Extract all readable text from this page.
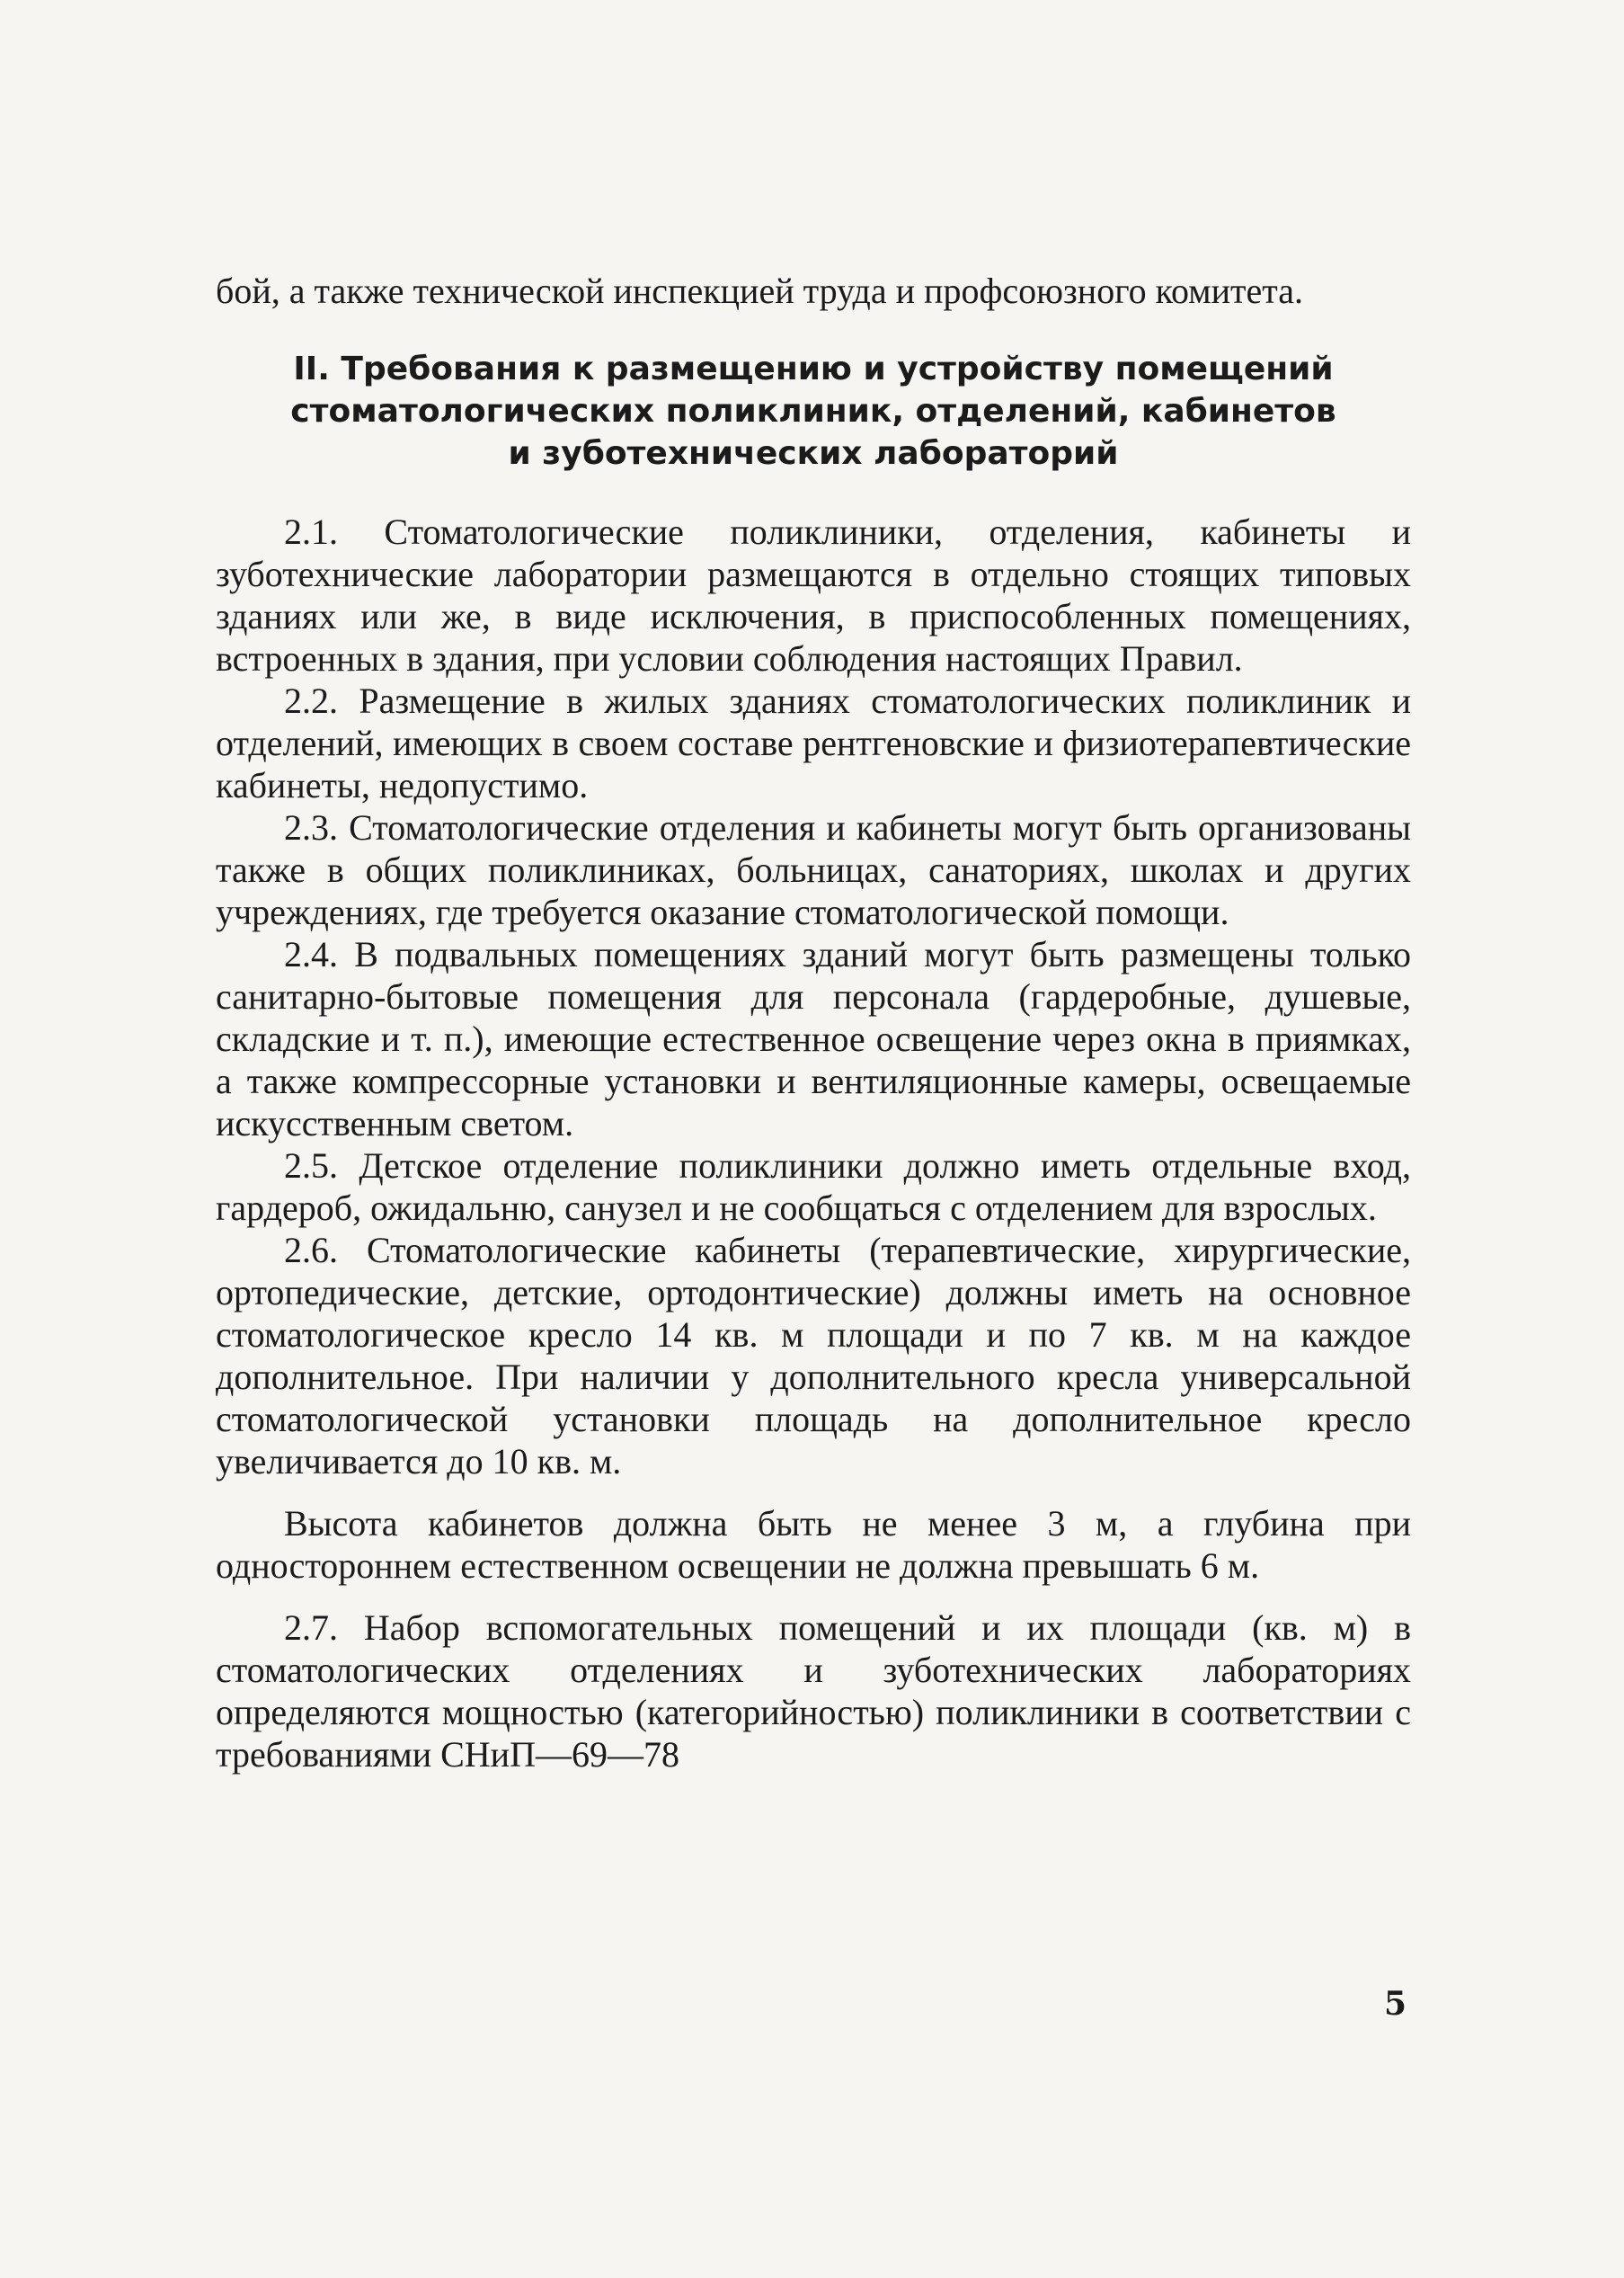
бой, а также технической инспекцией труда и профсоюзного комитета.

II. Требования к размещению и устройству помещений
стоматологических поликлиник, отделений, кабинетов
и зуботехнических лабораторий

2.1. Стоматологические поликлиники, отделения, кабинеты и зуботехнические лаборатории размещаются в отдельно стоящих типовых зданиях или же, в виде исключения, в приспособленных помещениях, встроенных в здания, при условии соблюдения настоящих Правил.

2.2. Размещение в жилых зданиях стоматологических поликлиник и отделений, имеющих в своем составе рентгеновские и физиотерапевтические кабинеты, недопустимо.

2.3. Стоматологические отделения и кабинеты могут быть организованы также в общих поликлиниках, больницах, санаториях, школах и других учреждениях, где требуется оказание стоматологической помощи.

2.4. В подвальных помещениях зданий могут быть размещены только санитарно-бытовые помещения для персонала (гардеробные, душевые, складские и т. п.), имеющие естественное освещение через окна в приямках, а также компрессорные установки и вентиляционные камеры, освещаемые искусственным светом.

2.5. Детское отделение поликлиники должно иметь отдельные вход, гардероб, ожидальню, санузел и не сообщаться с отделением для взрослых.

2.6. Стоматологические кабинеты (терапевтические, хирургические, ортопедические, детские, ортодонтические) должны иметь на основное стоматологическое кресло 14 кв. м площади и по 7 кв. м на каждое дополнительное. При наличии у дополнительного кресла универсальной стоматологической установки площадь на дополнительное кресло увеличивается до 10 кв. м.

Высота кабинетов должна быть не менее 3 м, а глубина при одностороннем естественном освещении не должна превышать 6 м.

2.7. Набор вспомогательных помещений и их площади (кв. м) в стоматологических отделениях и зуботехнических лабораториях определяются мощностью (категорийностью) поликлиники в соответствии с требованиями СНиП—69—78

5
